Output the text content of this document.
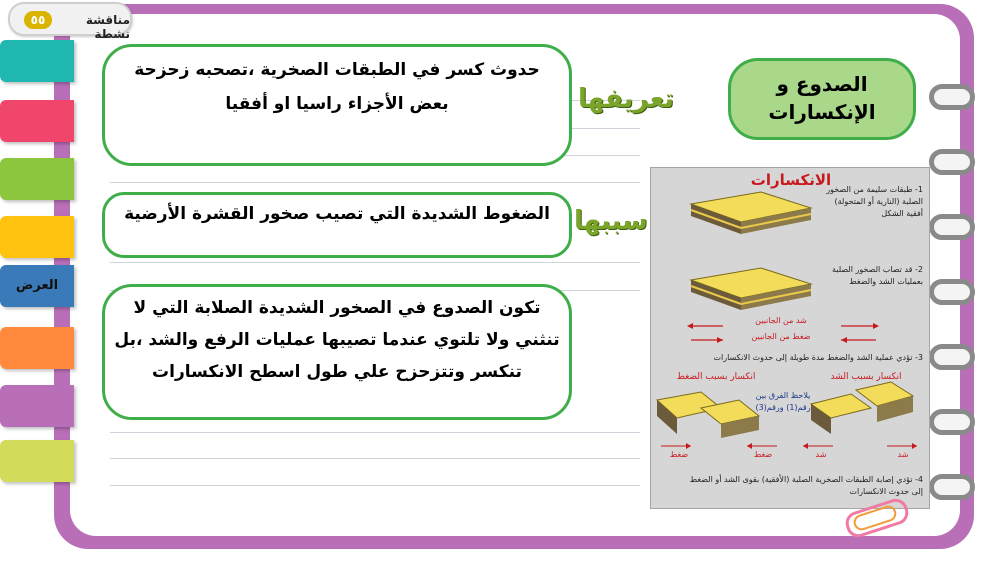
العرض
٥٥	مناقشة نشطة
الصدوع و
الإنكسارات
حدوث كسر في الطبقات الصخرية ،تصحبه زحزحة
بعض الأجزاء راسيا او أفقيا	تعريفها
الضغوط الشديدة التي تصيب صخور القشرة الأرضية سببها
تكون الصدوع في الصخور الشديدة الصلابة التي لا
تنثني ولا تلتوي عندما تصيبها عمليات الرفع والشد ،بل
تنكسر وتتزحزح علي طول اسطح الانكسارات
الانكسارات
1- طبقات سليمة من الصخور
الصلبة (النارية أو المتحولة)
أفقية الشكل
2- قد تصاب الصخور الصلبة
بعمليات الشد والضغط
شد من الجانبين
ضغط من الجانبين
3- تؤدي عملية الشد والضغط مدة طويلة إلى حدوث الانكسارات
انكسار بسبب الضغط	انكسار بسبب الشد
يلاحظ الفرق بين
رقم(1) ورقم(3)
ضغط	ضغط	شد	شد
4- تؤدي إصابة الطبقات الصخرية الصلبة (الأفقية) بقوى الشد أو الضغط
إلى حدوث الانكسارات
